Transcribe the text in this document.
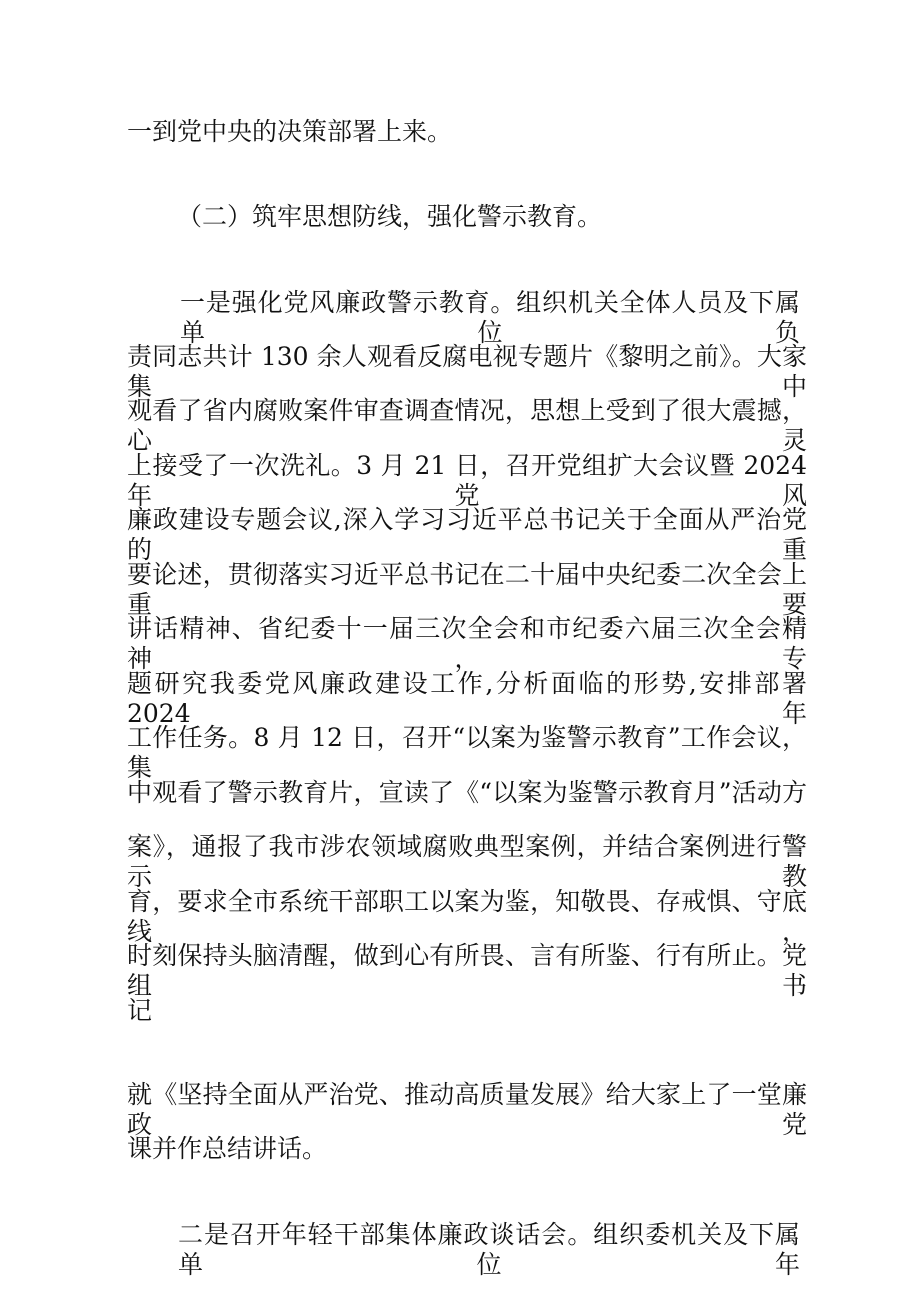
一到党中央的决策部署上来。
（二）筑牢思想防线，强化警示教育。
一是强化党风廉政警示教育。组织机关全体人员及下属单位负
责同志共计 130 余人观看反腐电视专题片《黎明之前》。大家集中
观看了省内腐败案件审查调查情况，思想上受到了很大震撼，心灵
上接受了一次洗礼。3 月 21 日，召开党组扩大会议暨 2024 年党风
廉政建设专题会议,深入学习习近平总书记关于全面从严治党的重
要论述，贯彻落实习近平总书记在二十届中央纪委二次全会上重要
讲话精神、省纪委十一届三次全会和市纪委六届三次全会精神，专
题研究我委党风廉政建设工作,分析面临的形势,安排部署 2024 年
工作任务。8 月 12 日，召开“以案为鉴警示教育”工作会议，集
中观看了警示教育片，宣读了《“以案为鉴警示教育月”活动方
案》，通报了我市涉农领域腐败典型案例，并结合案例进行警示教
育，要求全市系统干部职工以案为鉴，知敬畏、存戒惧、守底线，
时刻保持头脑清醒，做到心有所畏、言有所鉴、行有所止。党组书
记
就《坚持全面从严治党、推动高质量发展》给大家上了一堂廉政党
课并作总结讲话。
二是召开年轻干部集体廉政谈话会。组织委机关及下属单位年
